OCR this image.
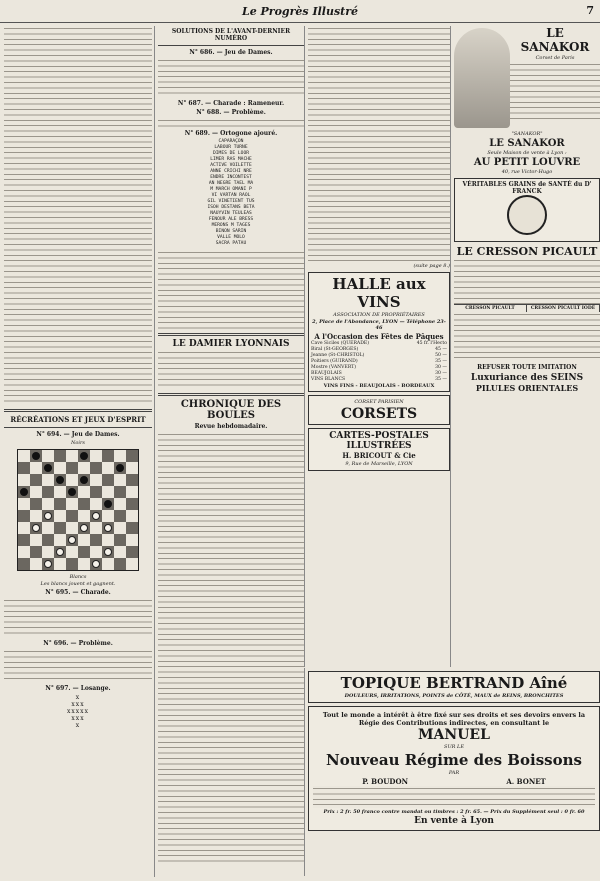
Le Progrès Illustré	7
RÉCRÉATIONS ET JEUX D'ESPRIT
N° 694. — Jeu de Dames.
Noirs
Blancs
Les blancs jouent et gagnent.
N° 695. — Charade.
N° 696. — Problème.
N° 697. — Losange.
x
xxx
xxxxx
xxx
x
SOLUTIONS DE L'AVANT-DERNIER NUMÉRO
N° 686. — Jeu de Dames.
N° 687. — Charade : Rameneur.
N° 688. — Problème.
N° 689. — Ortogone ajouré.
CAPARAÇON
LABOUR TURNE
DIMES DE LOOR
LIMER RAS MACHE
ACTIVE VOILETTE
ANNE CRICHI NRE
ENDRE INCONTEST
AN NEGRE TAEL MA
M MARCH OMANI P
VI VARTAN RAOL
GIL VINETIENT TUS
ISOH DESTANS BETA
NAUYVIN TEULEAS
FENOUR ALE BRESS
MERONS M TAGES
BINON SARIN
VALLE MOLO
SACRA PATAU
LE DAMIER LYONNAIS
CHRONIQUE DES BOULES
Revue hebdomadaire.
(suite page 8.)
HALLE aux VINS
ASSOCIATION DE PROPRIÉTAIRES
2, Place de l'Abondance, LYON — Téléphone 23-46
A l'Occasion des Fêtes de Pâques
Cave Siciles (QUERADE)	45 fr. l'Hecto
Biral (St-GEORGES)	45 —
Jeanne (St-CHRISTOL)	50 —
Poitiers (GUIRAND)	35 —
Mostre (VANVERT)	30 —
BEAUJOLAIS	30 —
VINS BLANCS	35 —
VINS FINS - BEAUJOLAIS - BORDEAUX
CORSET PARISIEN
CORSETS
CARTES-POSTALES ILLUSTRÉES
H. BRICOUT & Cie
9, Rue de Marseille, LYON
LE SANAKOR
Corset de Paris
"SANAKOR"
LE SANAKOR
Seule Maison de vente à Lyon :
AU PETIT LOUVRE
40, rue Victor-Hugo
VÉRITABLES GRAINS de SANTÉ du D' FRANCK
LE CRESSON PICAULT
CRESSON PICAULT	CRESSON PICAULT IODÉ
REFUSER TOUTE IMITATION
Luxuriance des SEINS
PILULES ORIENTALES
TOPIQUE BERTRAND Aîné
DOULEURS, IRRITATIONS, POINTS de CÔTÉ, MAUX de REINS, BRONCHITES
Tout le monde a intérêt à être fixé sur ses droits et ses devoirs envers la Régie des Contributions indirectes, en consultant le
MANUEL
SUR LE
Nouveau Régime des Boissons
PAR
P. BOUDON	A. BONET
Prix : 2 fr. 50 franco contre mandat ou timbres : 2 fr. 65. — Prix du Supplément seul : 0 fr. 60
En vente à Lyon
